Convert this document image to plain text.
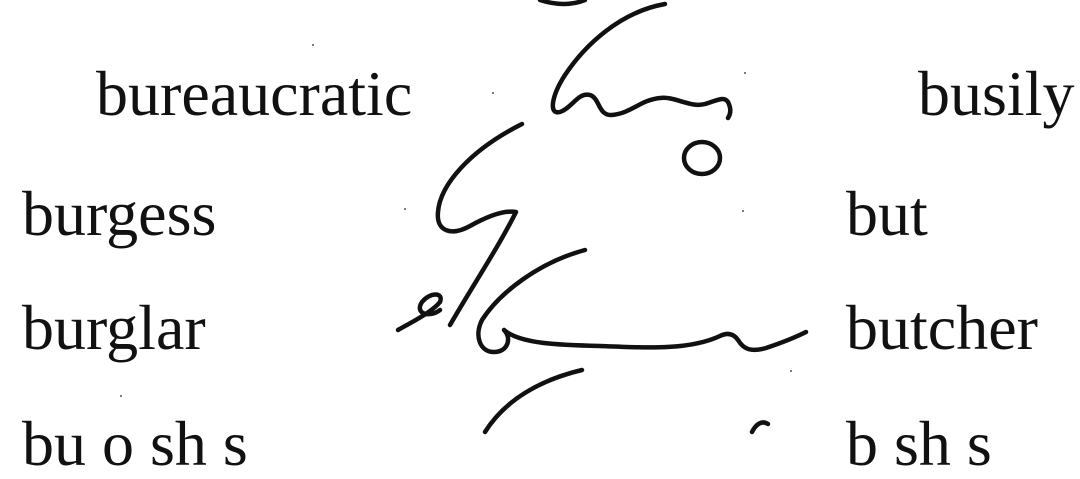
bureaucratic	busily
burgess	but
burglar	butcher
bu o sh s	b sh s
